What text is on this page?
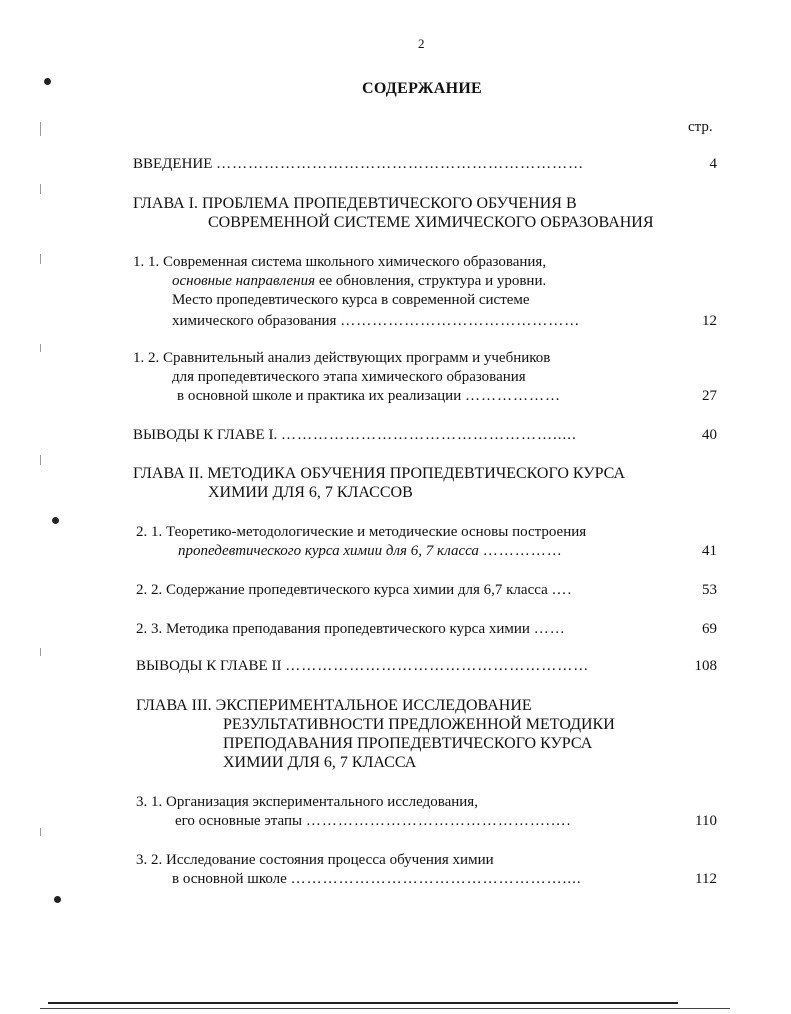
2
СОДЕРЖАНИЕ
стр.
ВВЕДЕНИЕ ……………………………………………………………	4
ГЛАВА I. ПРОБЛЕМА ПРОПЕДЕВТИЧЕСКОГО ОБУЧЕНИЯ В
СОВРЕМЕННОЙ СИСТЕМЕ ХИМИЧЕСКОГО ОБРАЗОВАНИЯ
1. 1. Современная система школьного химического образования,
основные направления ее обновления, структура и уровни.
Место пропедевтического курса в современной системе
химического образования ………………………………………	12
1. 2. Сравнительный анализ действующих программ и учебников
для пропедевтического этапа химического образования
в основной школе и практика их реализации ………………	27
ВЫВОДЫ К ГЛАВЕ I. …………………………………………….....	40
ГЛАВА II. МЕТОДИКА ОБУЧЕНИЯ ПРОПЕДЕВТИЧЕСКОГО КУРСА
ХИМИИ ДЛЯ 6, 7 КЛАССОВ
2. 1. Теоретико-методологические и методические основы построения
пропедевтического курса химии для 6, 7 класса ……………	41
2. 2. Содержание пропедевтического курса химии для 6,7 класса ….	53
2. 3. Методика преподавания пропедевтического курса химии ……	69
ВЫВОДЫ К ГЛАВЕ II …………………………………………………	108
ГЛАВА III. ЭКСПЕРИМЕНТАЛЬНОЕ ИССЛЕДОВАНИЕ
РЕЗУЛЬТАТИВНОСТИ ПРЕДЛОЖЕННОЙ МЕТОДИКИ
ПРЕПОДАВАНИЯ ПРОПЕДЕВТИЧЕСКОГО КУРСА
ХИМИИ ДЛЯ 6, 7 КЛАССА
3. 1. Организация экспериментального исследования,
его основные этапы ……………………………………….….	110
3. 2. Исследование состояния процесса обучения химии
в основной школе ……………………………………………....	112
